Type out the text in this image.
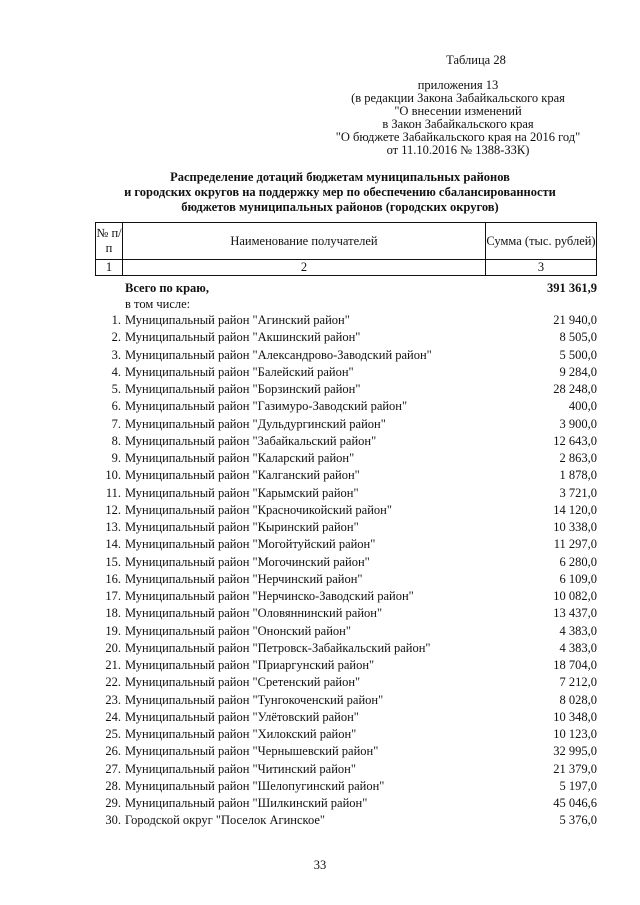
Таблица 28
приложения 13
(в редакции Закона Забайкальского края
"О внесении изменений
в Закон Забайкальского края
"О бюджете Забайкальского края на 2016 год"
от 11.10.2016 № 1388-ЗЗК)
Распределение дотаций бюджетам муниципальных районов
и городских округов на поддержку мер по обеспечению сбалансированности
бюджетов муниципальных районов (городских округов)
№ п/п	Наименование получателей	Сумма (тыс. рублей)
1	2	3
Всего по краю,	391 361,9
в том числе:
1. Муниципальный район "Агинский район"	21 940,0
2. Муниципальный район "Акшинский район"	8 505,0
3. Муниципальный район "Александрово-Заводский район"	5 500,0
4. Муниципальный район "Балейский район"	9 284,0
5. Муниципальный район "Борзинский район"	28 248,0
6. Муниципальный район "Газимуро-Заводский район"	400,0
7. Муниципальный район "Дульдургинский район"	3 900,0
8. Муниципальный район "Забайкальский район"	12 643,0
9. Муниципальный район "Каларский район"	2 863,0
10. Муниципальный район "Калганский район"	1 878,0
11. Муниципальный район "Карымский район"	3 721,0
12. Муниципальный район "Красночикойский район"	14 120,0
13. Муниципальный район "Кыринский район"	10 338,0
14. Муниципальный район "Могойтуйский район"	11 297,0
15. Муниципальный район "Могочинский район"	6 280,0
16. Муниципальный район "Нерчинский район"	6 109,0
17. Муниципальный район "Нерчинско-Заводский район"	10 082,0
18. Муниципальный район "Оловяннинский район"	13 437,0
19. Муниципальный район "Ононский район"	4 383,0
20. Муниципальный район "Петровск-Забайкальский район"	4 383,0
21. Муниципальный район "Приаргунский район"	18 704,0
22. Муниципальный район "Сретенский район"	7 212,0
23. Муниципальный район "Тунгокоченский район"	8 028,0
24. Муниципальный район "Улётовский район"	10 348,0
25. Муниципальный район "Хилокский район"	10 123,0
26. Муниципальный район "Чернышевский район"	32 995,0
27. Муниципальный район "Читинский район"	21 379,0
28. Муниципальный район "Шелопугинский район"	5 197,0
29. Муниципальный район "Шилкинский район"	45 046,6
30. Городской округ "Поселок Агинское"	5 376,0
33
